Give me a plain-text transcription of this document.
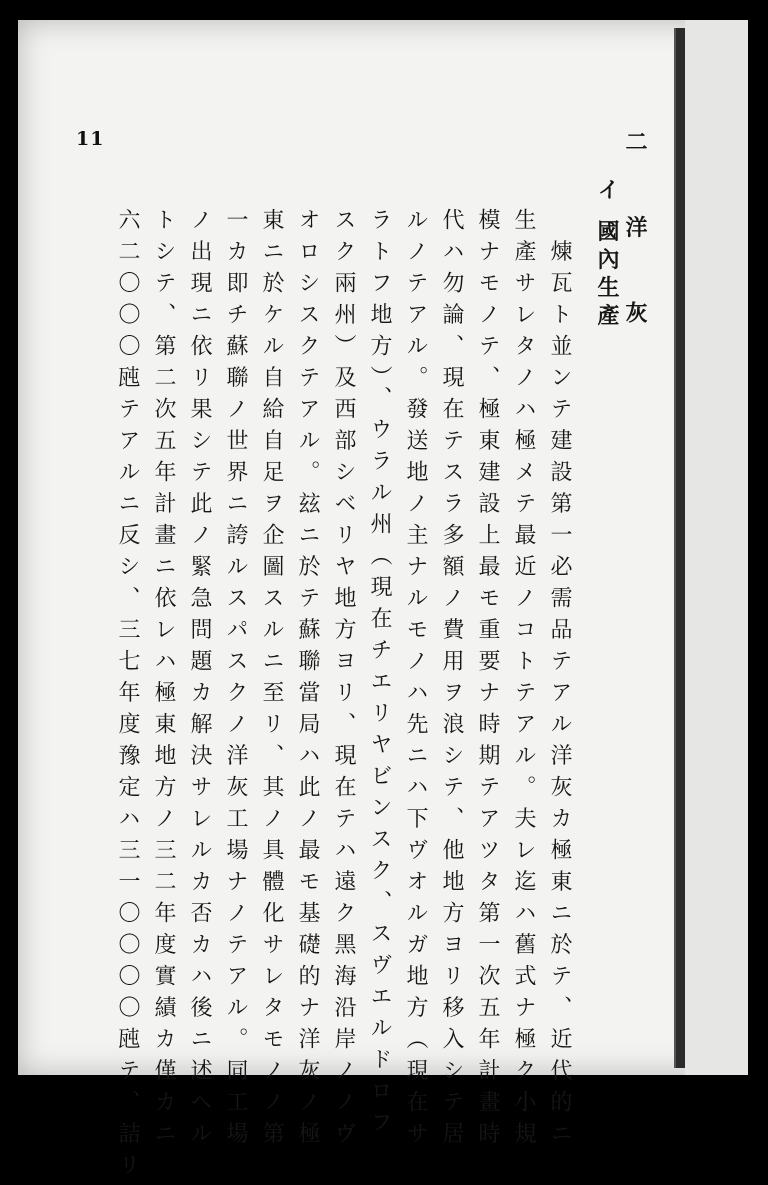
11	二 洋 灰
イ 國內生產
　煉瓦ト並ンテ建設第一必需品テアル洋灰カ極東ニ於テ、近代的ニ
生產サレタノハ極メテ最近ノコトテアル。夫レ迄ハ舊式ナ極ク小規
模ナモノテ、極東建設上最モ重要ナ時期テアツタ第一次五年計畫時
代ハ勿論、現在テスラ多額ノ費用ヲ浪シテ、他地方ヨリ移入シテ居
ルノテアル。發送地ノ主ナルモノハ先ニハ下ヴオルガ地方（現在サ
ラトフ地方）、ウラル州（現在チエリヤビンスク、スヴエルドロフ
スク兩州）及西部シベリヤ地方ヨリ、現在テハ遠ク黑海沿岸ノノヴ
オロシスクテアル。玆ニ於テ蘇聯當局ハ此ノ最モ基礎的ナ洋灰ノ極
東ニ於ケル自給自足ヲ企圖スルニ至リ、其ノ具體化サレタモノノ第
一カ即チ蘇聯ノ世界ニ誇ルスパスクノ洋灰工場ナノテアル。同工場
ノ出現ニ依リ果シテ此ノ緊急問題カ解決サレルカ否カハ後ニ述ヘル
トシテ、第二次五年計畫ニ依レハ極東地方ノ三二年度實績カ僅カニ
六二〇〇〇瓲テアルニ反シ、三七年度豫定ハ三一〇〇〇〇瓲テ、詰リ
